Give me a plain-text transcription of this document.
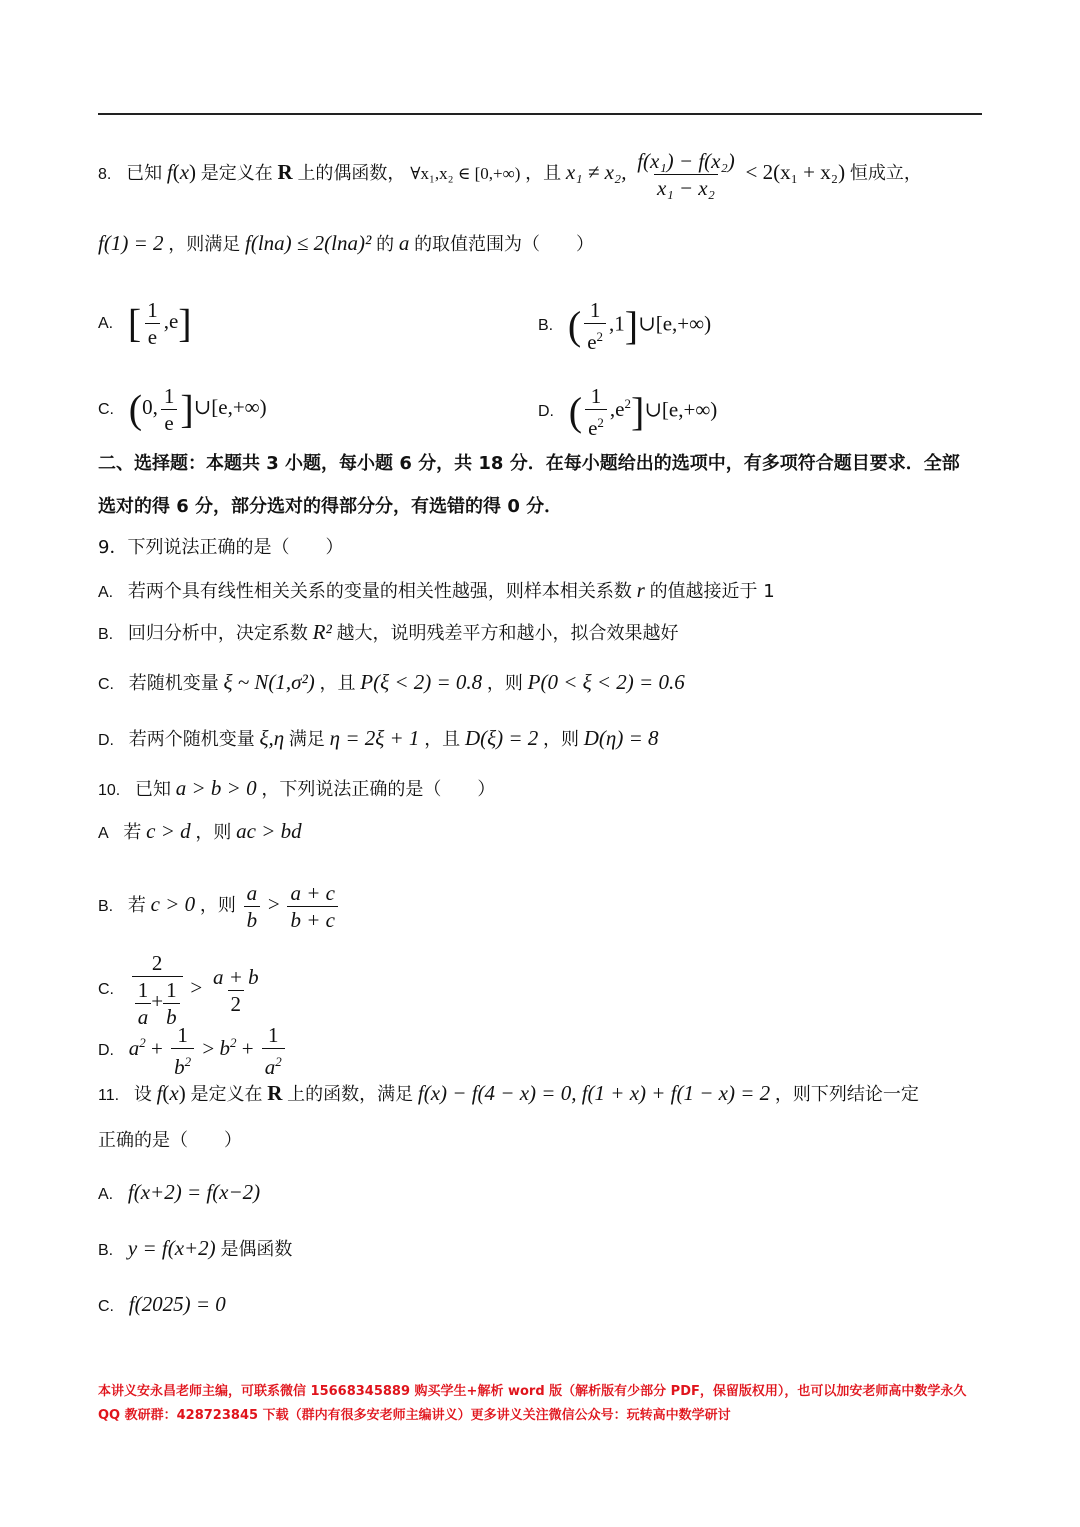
8. 已知 f(x) 是定义在 R 上的偶函数， ∀x₁,x₂ ∈ [0,+∞) ，且 x₁ ≠ x₂, $\frac{\text{f(x₁) − f(x₂)}}{\text{x₁ − x₂}} < 2(x_1 + x_2)$ 恒成立，
f(1) = 2 ，则满足 f(lna) ≤ 2(lna)² 的 a 的取值范围为（　　）
A. [ $\frac{1}{e} ,e$]	B. ( $\frac{1}{e^2}$ ,1]∪[e,+∞)
C. (0, $\frac{1}{e}$ ]∪[e,+∞)	D. ( $\frac{1}{e^2}$ $,e^2]\cup[e,+\infty)$
二、选择题：本题共 3 小题，每小题 6 分，共 18 分．在每小题给出的选项中，有多项符合题目要求．全部
选对的得 6 分，部分选对的得部分分，有选错的得 0 分．
9．下列说法正确的是（　　）
A. 若两个具有线性相关关系的变量的相关性越强，则样本相关系数 r 的值越接近于 1
B. 回归分析中，决定系数 R² 越大，说明残差平方和越小，拟合效果越好
C. 若随机变量 ξ ~ N(1,σ²) ，且 P(ξ < 2) = 0.8 ，则 P(0 < ξ < 2) = 0.6
D. 若两个随机变量 ξ,η 满足 η = 2ξ + 1 ，且 D(ξ) = 2 ，则 D(η) = 8
10. 已知 a > b > 0 ，下列说法正确的是（　　）
A 若 c > d ，则 ac > bd
B. 若 c > 0 ，则 $\frac{a}{b} > \frac{a + c}{b + c}$
C. $\frac{2}{\frac{1}{a} + \frac{1}{b}} > \frac{a + b}{2}$
D. $a^2 + \frac{1}{b^2} > b^2 + \frac{1}{a^2}$
11. 设 f(x) 是定义在 R 上的函数，满足 f(x) − f(4 − x) = 0, f(1 + x) + f(1 − x) = 2 ，则下列结论一定
正确的是（　　）
A. f(x+2) = f(x−2)
B. y = f(x+2) 是偶函数
C. f(2025) = 0
本讲义安永昌老师主编，可联系微信 15668345889 购买学生+解析 word 版（解析版有少部分 PDF，保留版权用），也可以加安老师高中数学永久 QQ 教研群：428723845 下载（群内有很多安老师主编讲义）更多讲义关注微信公众号：玩转高中数学研讨
